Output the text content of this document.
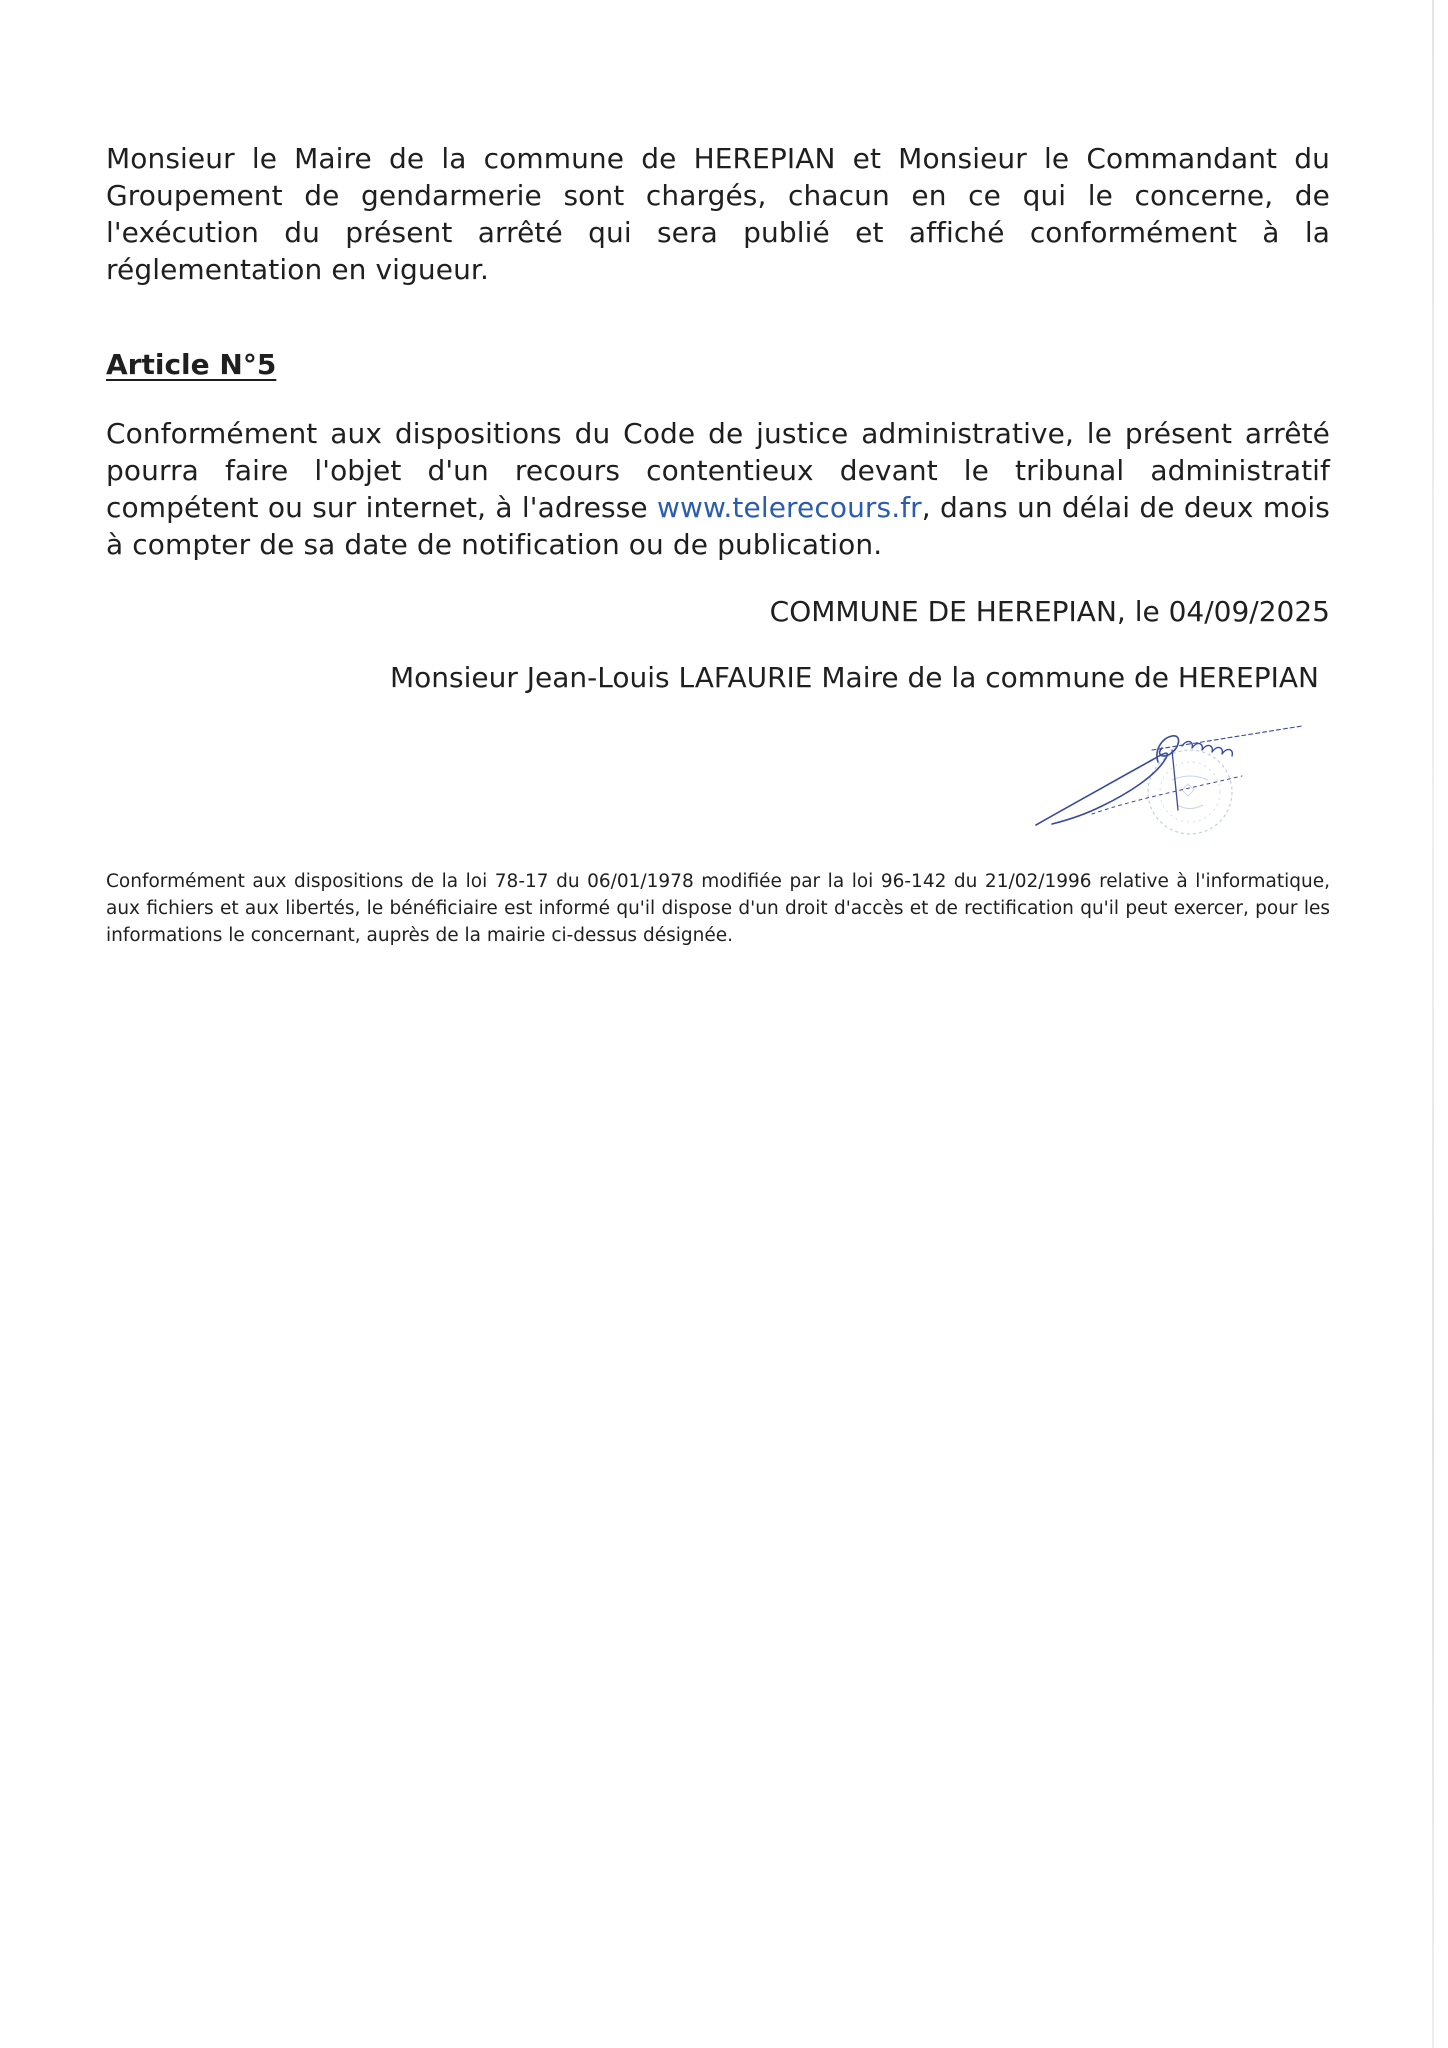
Monsieur le Maire de la commune de HEREPIAN et Monsieur le Commandant du Groupement de gendarmerie sont chargés, chacun en ce qui le concerne, de l'exécution du présent arrêté qui sera publié et affiché conformément à la réglementation en vigueur.

Article N°5

Conformément aux dispositions du Code de justice administrative, le présent arrêté pourra faire l'objet d'un recours contentieux devant le tribunal administratif compétent ou sur internet, à l'adresse www.telerecours.fr, dans un délai de deux mois à compter de sa date de notification ou de publication.

COMMUNE DE HEREPIAN, le 04/09/2025

Monsieur Jean-Louis LAFAURIE Maire de la commune de HEREPIAN

Conformément aux dispositions de la loi 78-17 du 06/01/1978 modifiée par la loi 96-142 du 21/02/1996 relative à l'informatique, aux fichiers et aux libertés, le bénéficiaire est informé qu'il dispose d'un droit d'accès et de rectification qu'il peut exercer, pour les informations le concernant, auprès de la mairie ci-dessus désignée.
